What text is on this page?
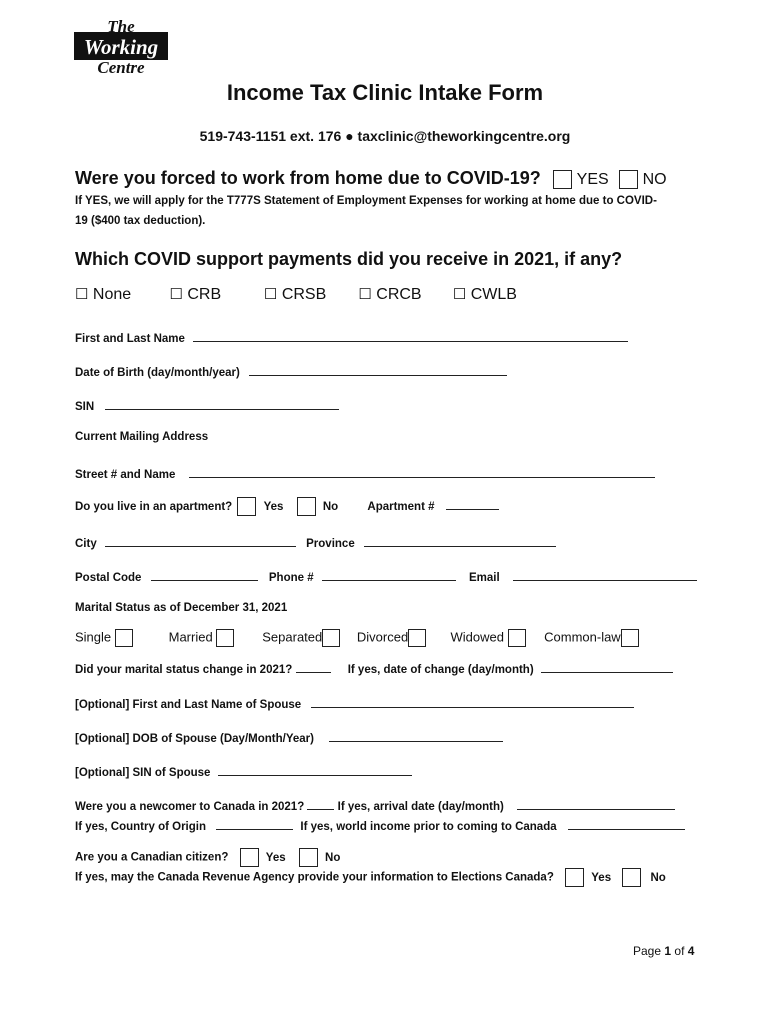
The
Working
Centre
Income Tax Clinic Intake Form
519-743-1151 ext. 176 ● taxclinic@theworkingcentre.org
Were you forced to work from home due to COVID-19? YES NO
If YES, we will apply for the T777S Statement of Employment Expenses for working at home due to COVID-
19 ($400 tax deduction).
Which COVID support payments did you receive in 2021, if any?
☐ None	☐ CRB	☐ CRSB ☐ CRCB ☐ CWLB
First and Last Name
Date of Birth (day/month/year)
SIN
Current Mailing Address
Street # and Name
Do you live in an apartment?	Yes	No	Apartment #
City	Province
Postal Code	Phone #	Email
Marital Status as of December 31, 2021
Single	Married	Separated	Divorced	Widowed	Common-law
Did your marital status change in 2021?	If yes, date of change (day/month)
[Optional] First and Last Name of Spouse
[Optional] DOB of Spouse (Day/Month/Year)
[Optional] SIN of Spouse
Were you a newcomer to Canada in 2021?	If yes, arrival date (day/month)
If yes, Country of Origin	If yes, world income prior to coming to Canada
Are you a Canadian citizen?	Yes	No
If yes, may the Canada Revenue Agency provide your information to Elections Canada?	Yes	No
Page 1 of 4
